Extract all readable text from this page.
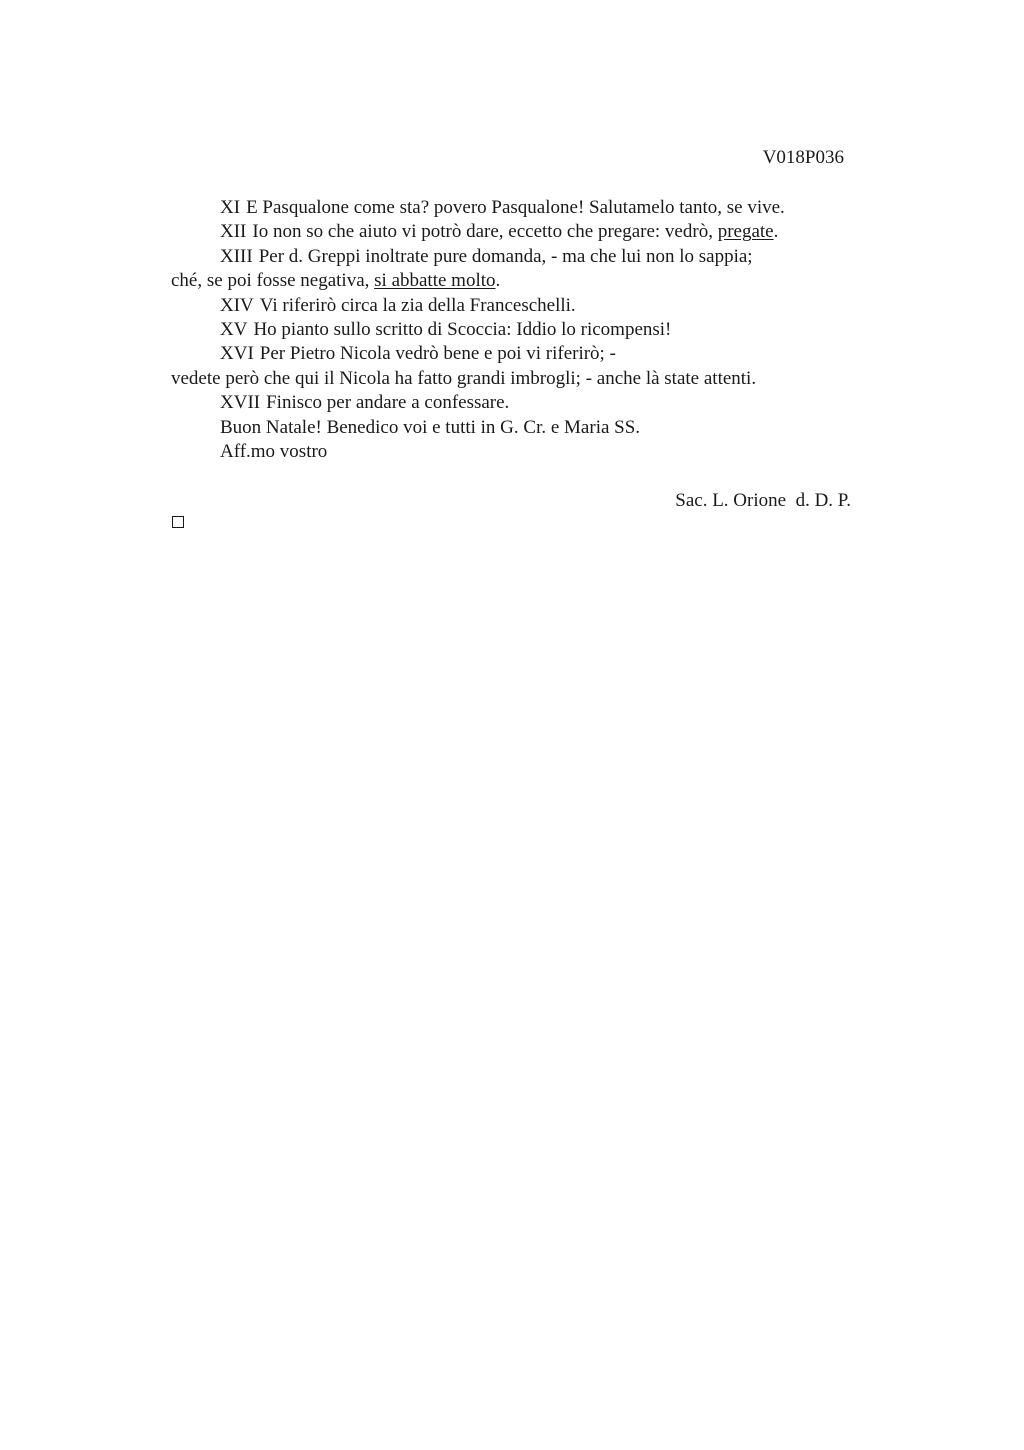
V018P036
XI E Pasqualone come sta? povero Pasqualone! Salutamelo tanto, se vive.
XII Io non so che aiuto vi potrò dare, eccetto che pregare: vedrò, pregate.
XIII Per d. Greppi inoltrate pure domanda, - ma che lui non lo sappia;
ché, se poi fosse negativa, si abbatte molto.
XIV Vi riferirò circa la zia della Franceschelli.
XV Ho pianto sullo scritto di Scoccia: Iddio lo ricompensi!
XVI Per Pietro Nicola vedrò bene e poi vi riferirò; -
vedete però che qui il Nicola ha fatto grandi imbrogli; - anche là state attenti.
XVII Finisco per andare a confessare.
Buon Natale! Benedico voi e tutti in G. Cr. e Maria SS.
Aff.mo vostro
Sac. L. Orione  d. D. P.
